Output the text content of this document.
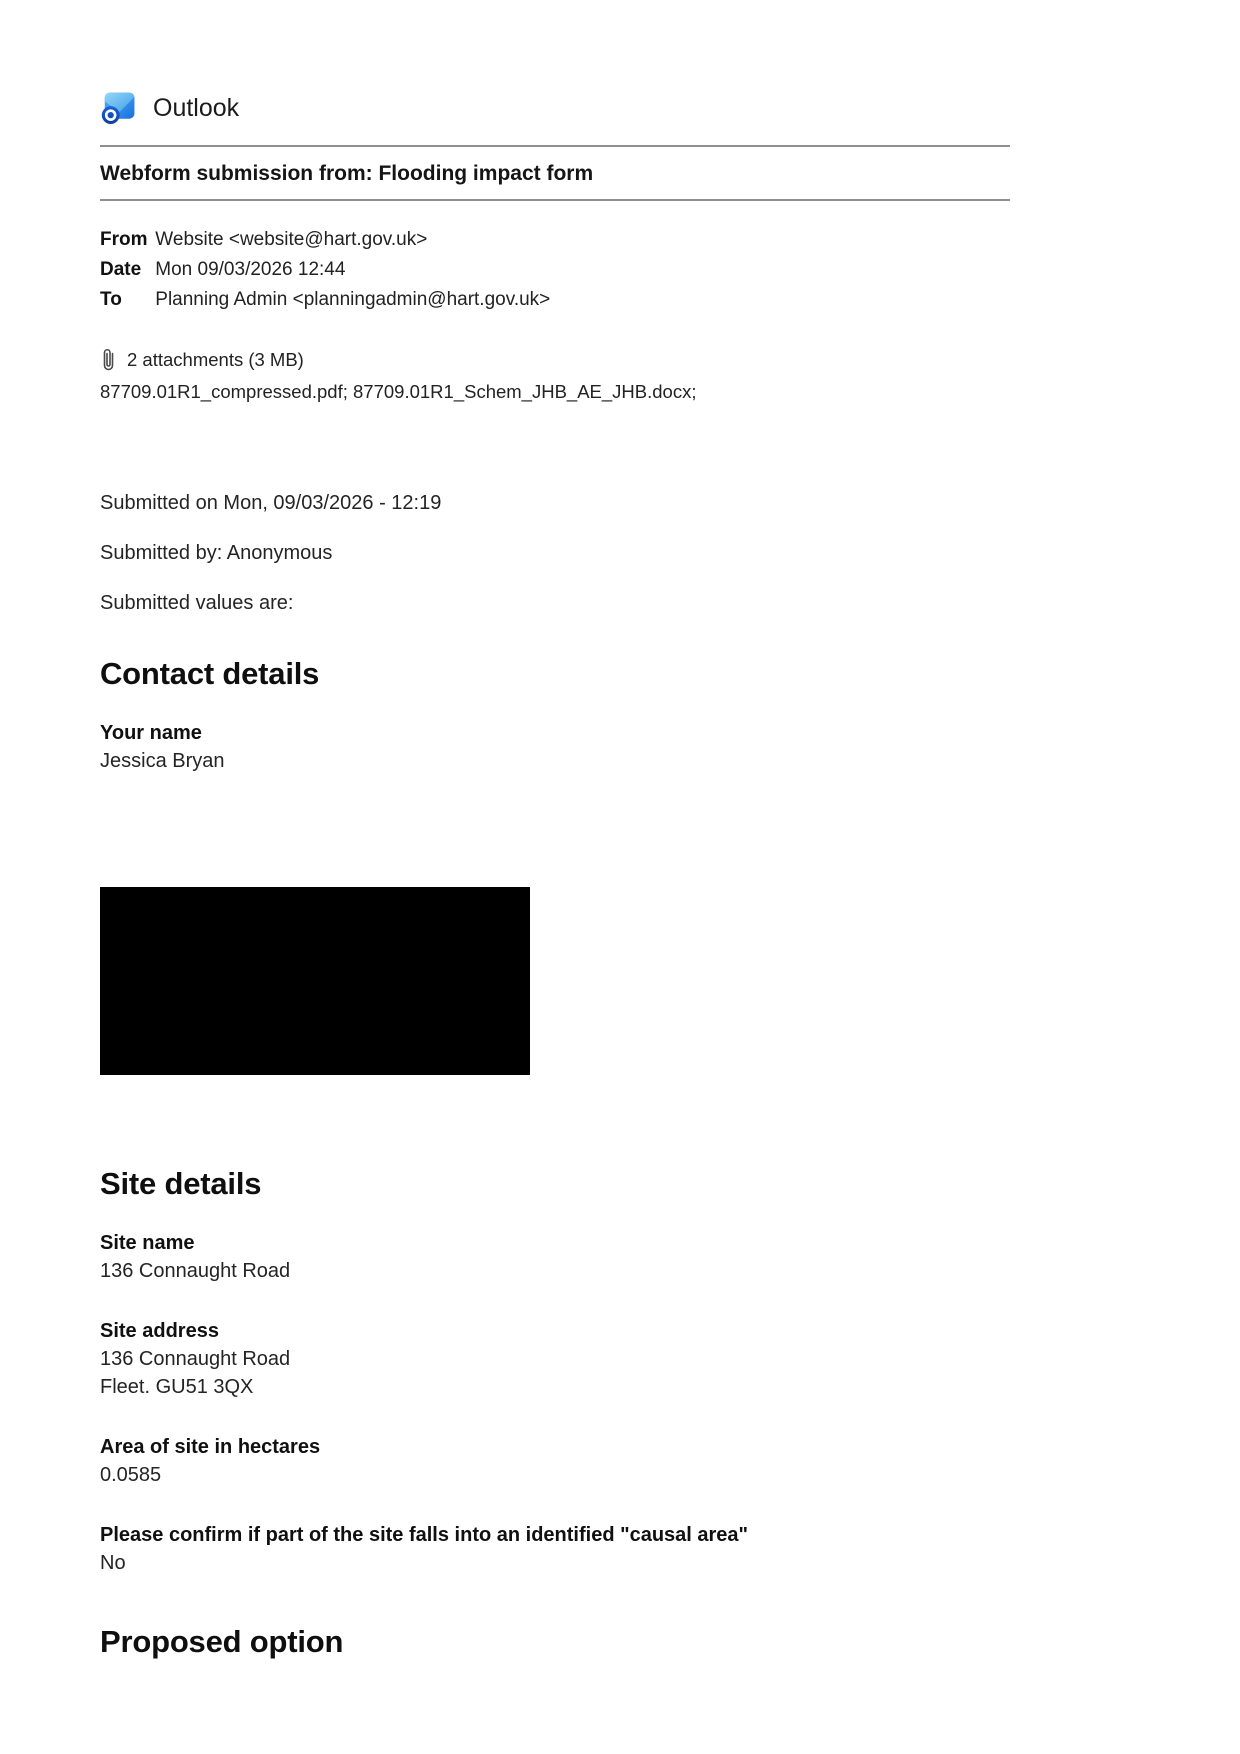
Outlook
Webform submission from: Flooding impact form
From Website <website@hart.gov.uk>
Date Mon 09/03/2026 12:44
To Planning Admin <planningadmin@hart.gov.uk>
2 attachments (3 MB)
87709.01R1_compressed.pdf; 87709.01R1_Schem_JHB_AE_JHB.docx;

Submitted on Mon, 09/03/2026 - 12:19

Submitted by: Anonymous

Submitted values are:

Contact details
Your name
Jessica Bryan
Site details
Site name
136 Connaught Road
Site address
136 Connaught Road
Fleet. GU51 3QX
Area of site in hectares
0.0585
Please confirm if part of the site falls into an identified "causal area"
No
Proposed option
